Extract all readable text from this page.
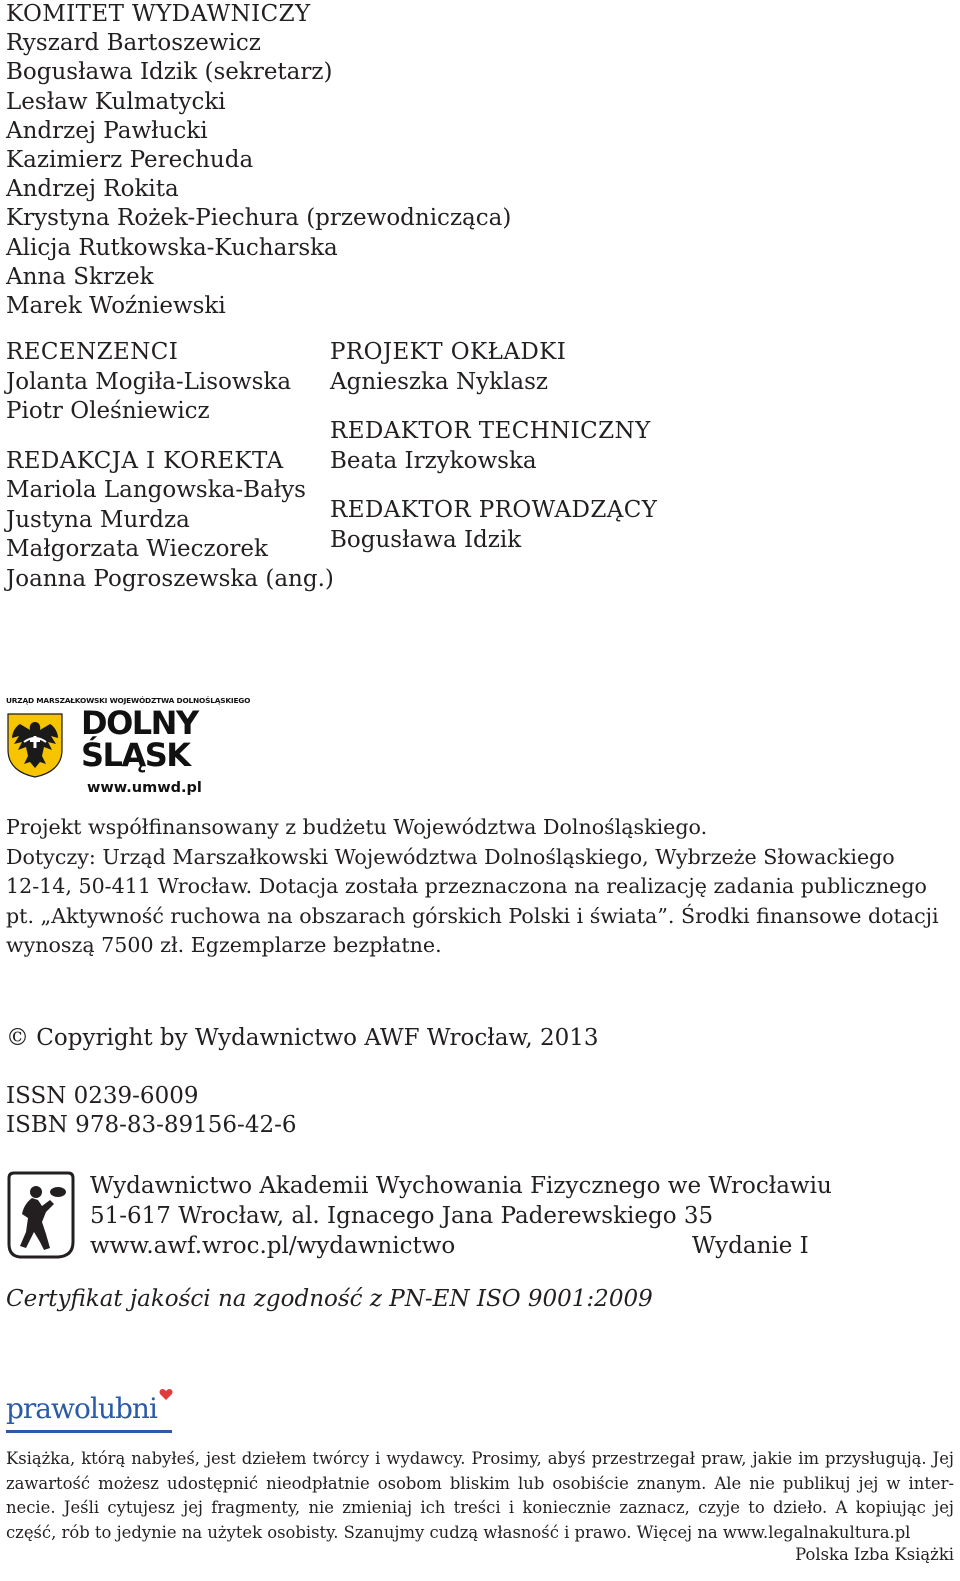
KOMITET WYDAWNICZY
Ryszard Bartoszewicz
Bogusława Idzik (sekretarz)
Lesław Kulmatycki
Andrzej Pawłucki
Kazimierz Perechuda
Andrzej Rokita
Krystyna Rożek-Piechura (przewodnicząca)
Alicja Rutkowska-Kucharska
Anna Skrzek
Marek Woźniewski
RECENZENCI
Jolanta Mogiła-Lisowska
Piotr Oleśniewicz
REDAKCJA I KOREKTA
Mariola Langowska-Bałys
Justyna Murdza
Małgorzata Wieczorek
Joanna Pogroszewska (ang.)
PROJEKT OKŁADKI
Agnieszka Nyklasz
REDAKTOR TECHNICZNY
Beata Irzykowska
REDAKTOR PROWADZĄCY
Bogusława Idzik
URZĄD MARSZAŁKOWSKI WOJEWÓDZTWA DOLNOŚLĄSKIEGO
DOLNY
ŚLĄSK
www.umwd.pl
Projekt współfinansowany z budżetu Województwa Dolnośląskiego.
Dotyczy: Urząd Marszałkowski Województwa Dolnośląskiego, Wybrzeże Słowackiego
12-14, 50-411 Wrocław. Dotacja została przeznaczona na realizację zadania publicznego
pt. „Aktywność ruchowa na obszarach górskich Polski i świata”. Środki finansowe dotacji
wynoszą 7500 zł. Egzemplarze bezpłatne.
© Copyright by Wydawnictwo AWF Wrocław, 2013
ISSN 0239-6009
ISBN 978-83-89156-42-6
Wydawnictwo Akademii Wychowania Fizycznego we Wrocławiu
51-617 Wrocław, al. Ignacego Jana Paderewskiego 35
www.awf.wroc.pl/wydawnictwo	Wydanie I
Certyfikat jakości na zgodność z PN-EN ISO 9001:2009
prawo lubni
Książka, którą nabyłeś, jest dziełem twórcy i wydawcy. Prosimy, abyś przestrzegał praw, jakie im przysługują. Jej
zawartość możesz udostępnić nieodpłatnie osobom bliskim lub osobiście znanym. Ale nie publikuj jej w inter-
necie. Jeśli cytujesz jej fragmenty, nie zmieniaj ich treści i koniecznie zaznacz, czyje to dzieło. A kopiując jej
część, rób to jedynie na użytek osobisty. Szanujmy cudzą własność i prawo. Więcej na www.legalnakultura.pl
Polska Izba Książki
